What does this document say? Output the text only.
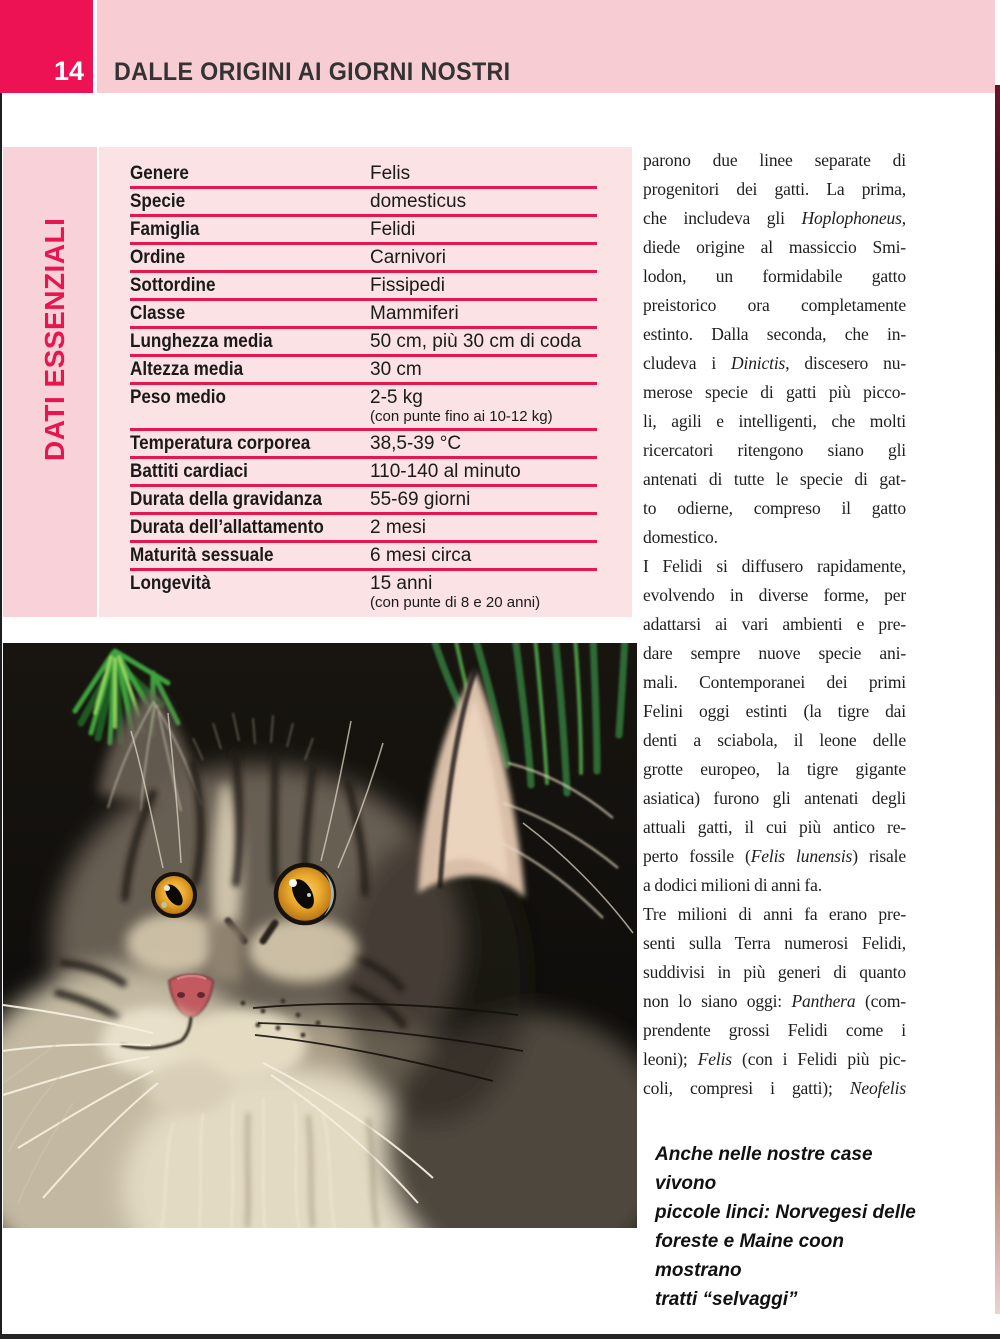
14 DALLE ORIGINI AI GIORNI NOSTRI
DATI ESSENZIALI
Genere	Felis
Specie	domesticus
Famiglia	Felidi
Ordine	Carnivori
Sottordine	Fissipedi
Classe	Mammiferi
Lunghezza media	50 cm, più 30 cm di coda
Altezza media	30 cm
Peso medio	2-5 kg
(con punte fino ai 10-12 kg)
Temperatura corporea	38,5-39 °C
Battiti cardiaci	110-140 al minuto
Durata della gravidanza	55-69 giorni
Durata dell’allattamento	2 mesi
Maturità sessuale	6 mesi circa
Longevità	15 anni
(con punte di 8 e 20 anni)
parono due linee separate di
progenitori dei gatti. La prima,
che includeva gli Hoplophoneus,
diede origine al massiccio Smi-
lodon, un formidabile gatto
preistorico ora completamente
estinto. Dalla seconda, che in-
cludeva i Dinictis, discesero nu-
merose specie di gatti più picco-
li, agili e intelligenti, che molti
ricercatori ritengono siano gli
antenati di tutte le specie di gat-
to odierne, compreso il gatto
domestico.
I Felidi si diffusero rapidamente,
evolvendo in diverse forme, per
adattarsi ai vari ambienti e pre-
dare sempre nuove specie ani-
mali. Contemporanei dei primi
Felini oggi estinti (la tigre dai
denti a sciabola, il leone delle
grotte europeo, la tigre gigante
asiatica) furono gli antenati degli
attuali gatti, il cui più antico re-
perto fossile (Felis lunensis) risale
a dodici milioni di anni fa.
Tre milioni di anni fa erano pre-
senti sulla Terra numerosi Felidi,
suddivisi in più generi di quanto
non lo siano oggi: Panthera (com-
prendente grossi Felidi come i
leoni); Felis (con i Felidi più pic-
coli, compresi i gatti); Neofelis
Anche nelle nostre case vivono
piccole linci: Norvegesi delle
foreste e Maine coon mostrano
tratti “selvaggi”
